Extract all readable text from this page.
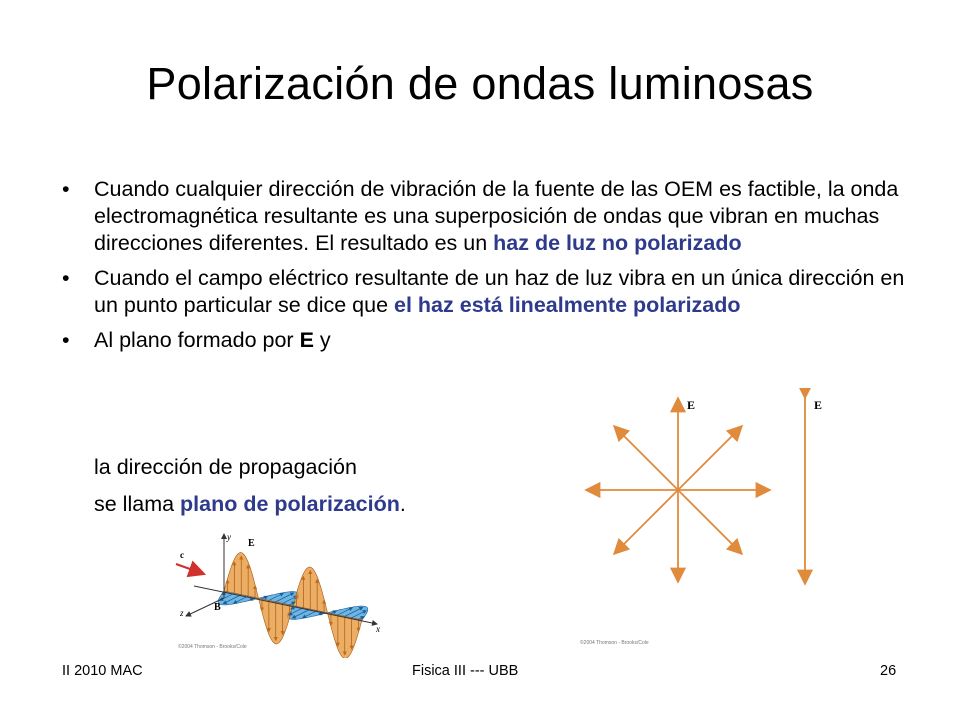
Polarización de ondas luminosas
• Cuando cualquier dirección de vibración de la fuente de las OEM es factible, la onda electromagnética resultante es una superposición de ondas que vibran en muchas direcciones diferentes. El resultado es un haz de luz no polarizado
• Cuando el campo eléctrico resultante de un haz de luz vibra en un única dirección en un punto particular se dice que el haz está linealmente polarizado
• Al plano formado por E y
la dirección de propagación
se llama plano de polarización.
c
y
E
B
z
x
©2004 Thomson - Brooks/Cole
E	E
©2004 Thomson - Brooks/Cole
II 2010 MAC	Fisica III --- UBB	26
